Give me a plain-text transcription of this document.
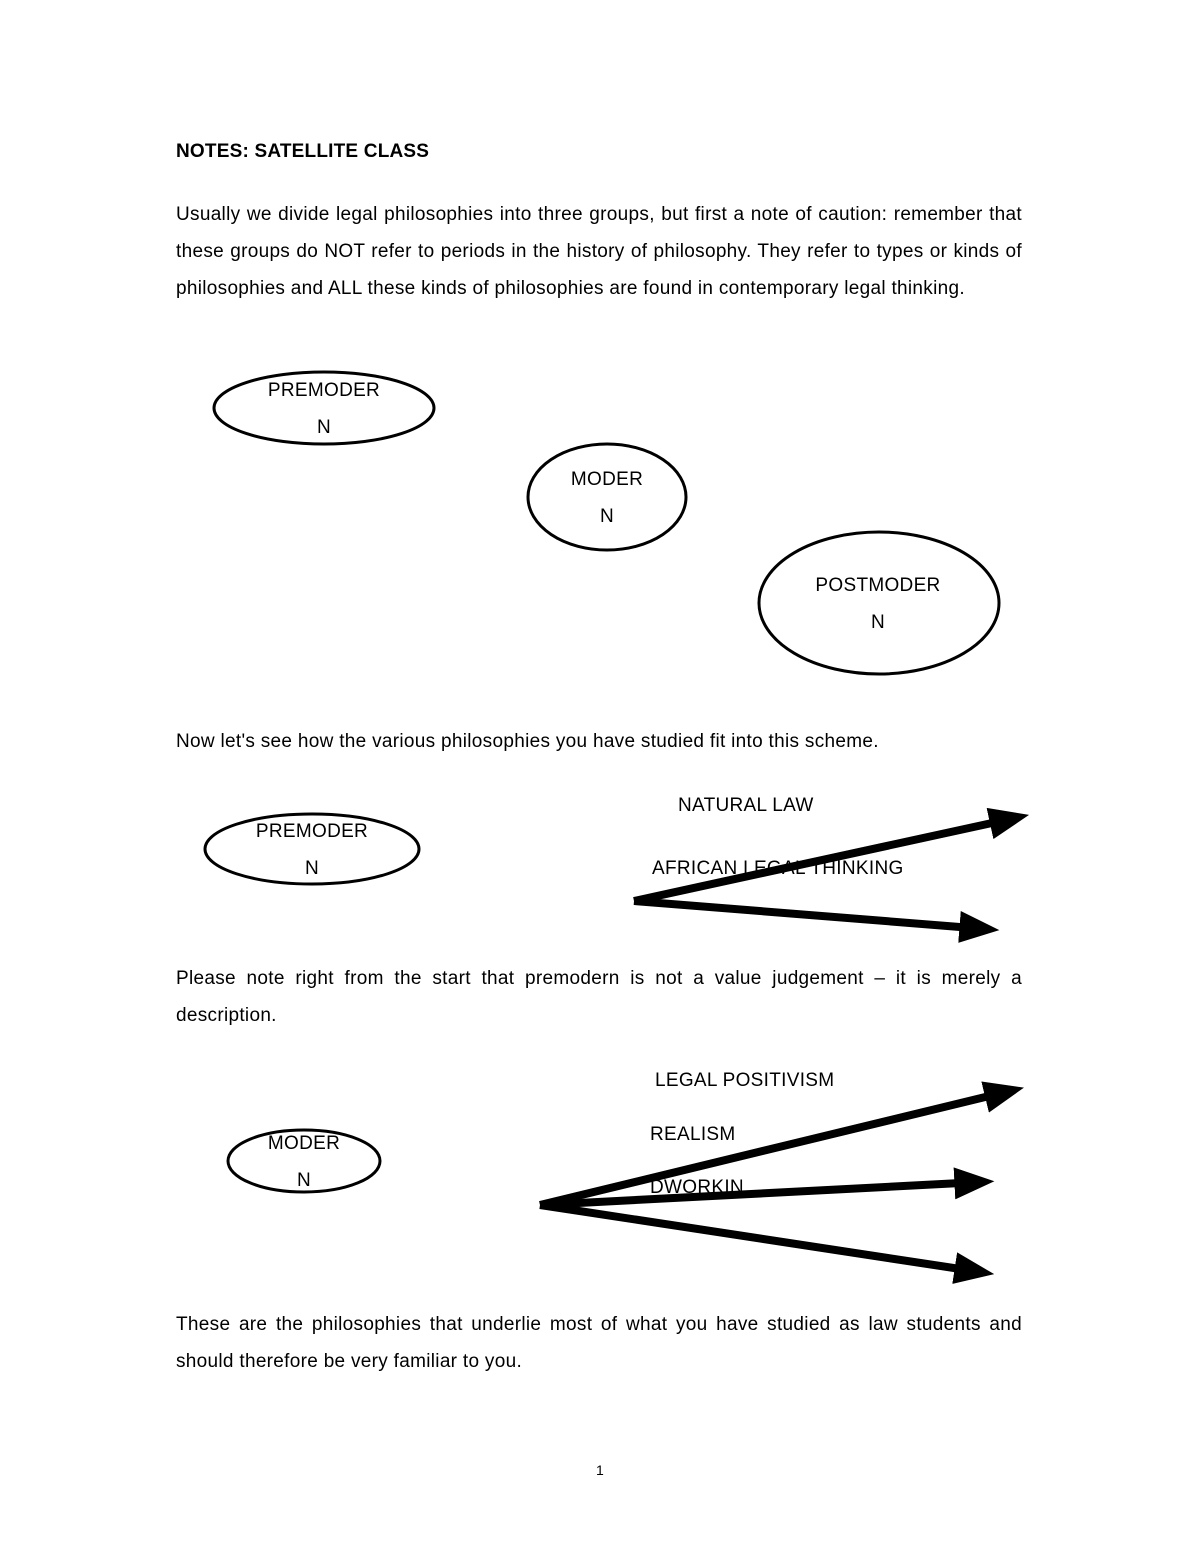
NOTES: SATELLITE CLASS
Usually we divide legal philosophies into three groups, but first a note of caution: remember that these groups do NOT refer to periods in the history of philosophy. They refer to types or kinds of philosophies and ALL these kinds of philosophies are found in contemporary legal thinking.
PREMODER
N
MODER
N
POSTMODER
N
Now let's see how the various philosophies you have studied fit into this scheme.
PREMODER
N
NATURAL LAW
AFRICAN LEGAL THINKING
Please note right from the start that premodern is not a value judgement – it is merely a description.
MODER
N
LEGAL POSITIVISM
REALISM
DWORKIN
These are the philosophies that underlie most of what you have studied as law students and should therefore be very familiar to you.
1
